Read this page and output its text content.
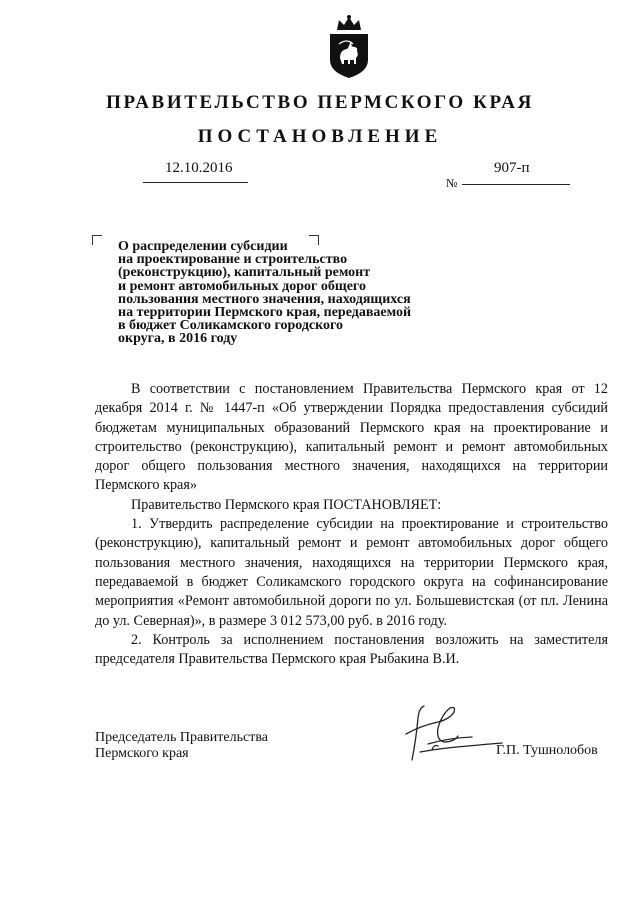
ПРАВИТЕЛЬСТВО ПЕРМСКОГО КРАЯ
ПОСТАНОВЛЕНИЕ
12.10.2016	907-п
№
О распределении субсидии
на проектирование и строительство
(реконструкцию), капитальный ремонт
и ремонт автомобильных дорог общего
пользования местного значения, находящихся
на территории Пермского края, передаваемой
в бюджет Соликамского городского
округа, в 2016 году
В соответствии с постановлением Правительства Пермского края от 12 декабря 2014 г. № 1447-п «Об утверждении Порядка предоставления субсидий бюджетам муниципальных образований Пермского края на проектирование и строительство (реконструкцию), капитальный ремонт и ремонт автомобильных дорог общего пользования местного значения, находящихся на территории Пермского края»
Правительство Пермского края ПОСТАНОВЛЯЕТ:
1. Утвердить распределение субсидии на проектирование и строительство (реконструкцию), капитальный ремонт и ремонт автомобильных дорог общего пользования местного значения, находящихся на территории Пермского края, передаваемой в бюджет Соликамского городского округа на софинансирование мероприятия «Ремонт автомобильной дороги по ул. Большевистская (от пл. Ленина до ул. Северная)», в размере 3 012 573,00 руб. в 2016 году.
2. Контроль за исполнением постановления возложить на заместителя председателя Правительства Пермского края Рыбакина В.И.
Председатель Правительства
Пермского края	Г.П. Тушнолобов
